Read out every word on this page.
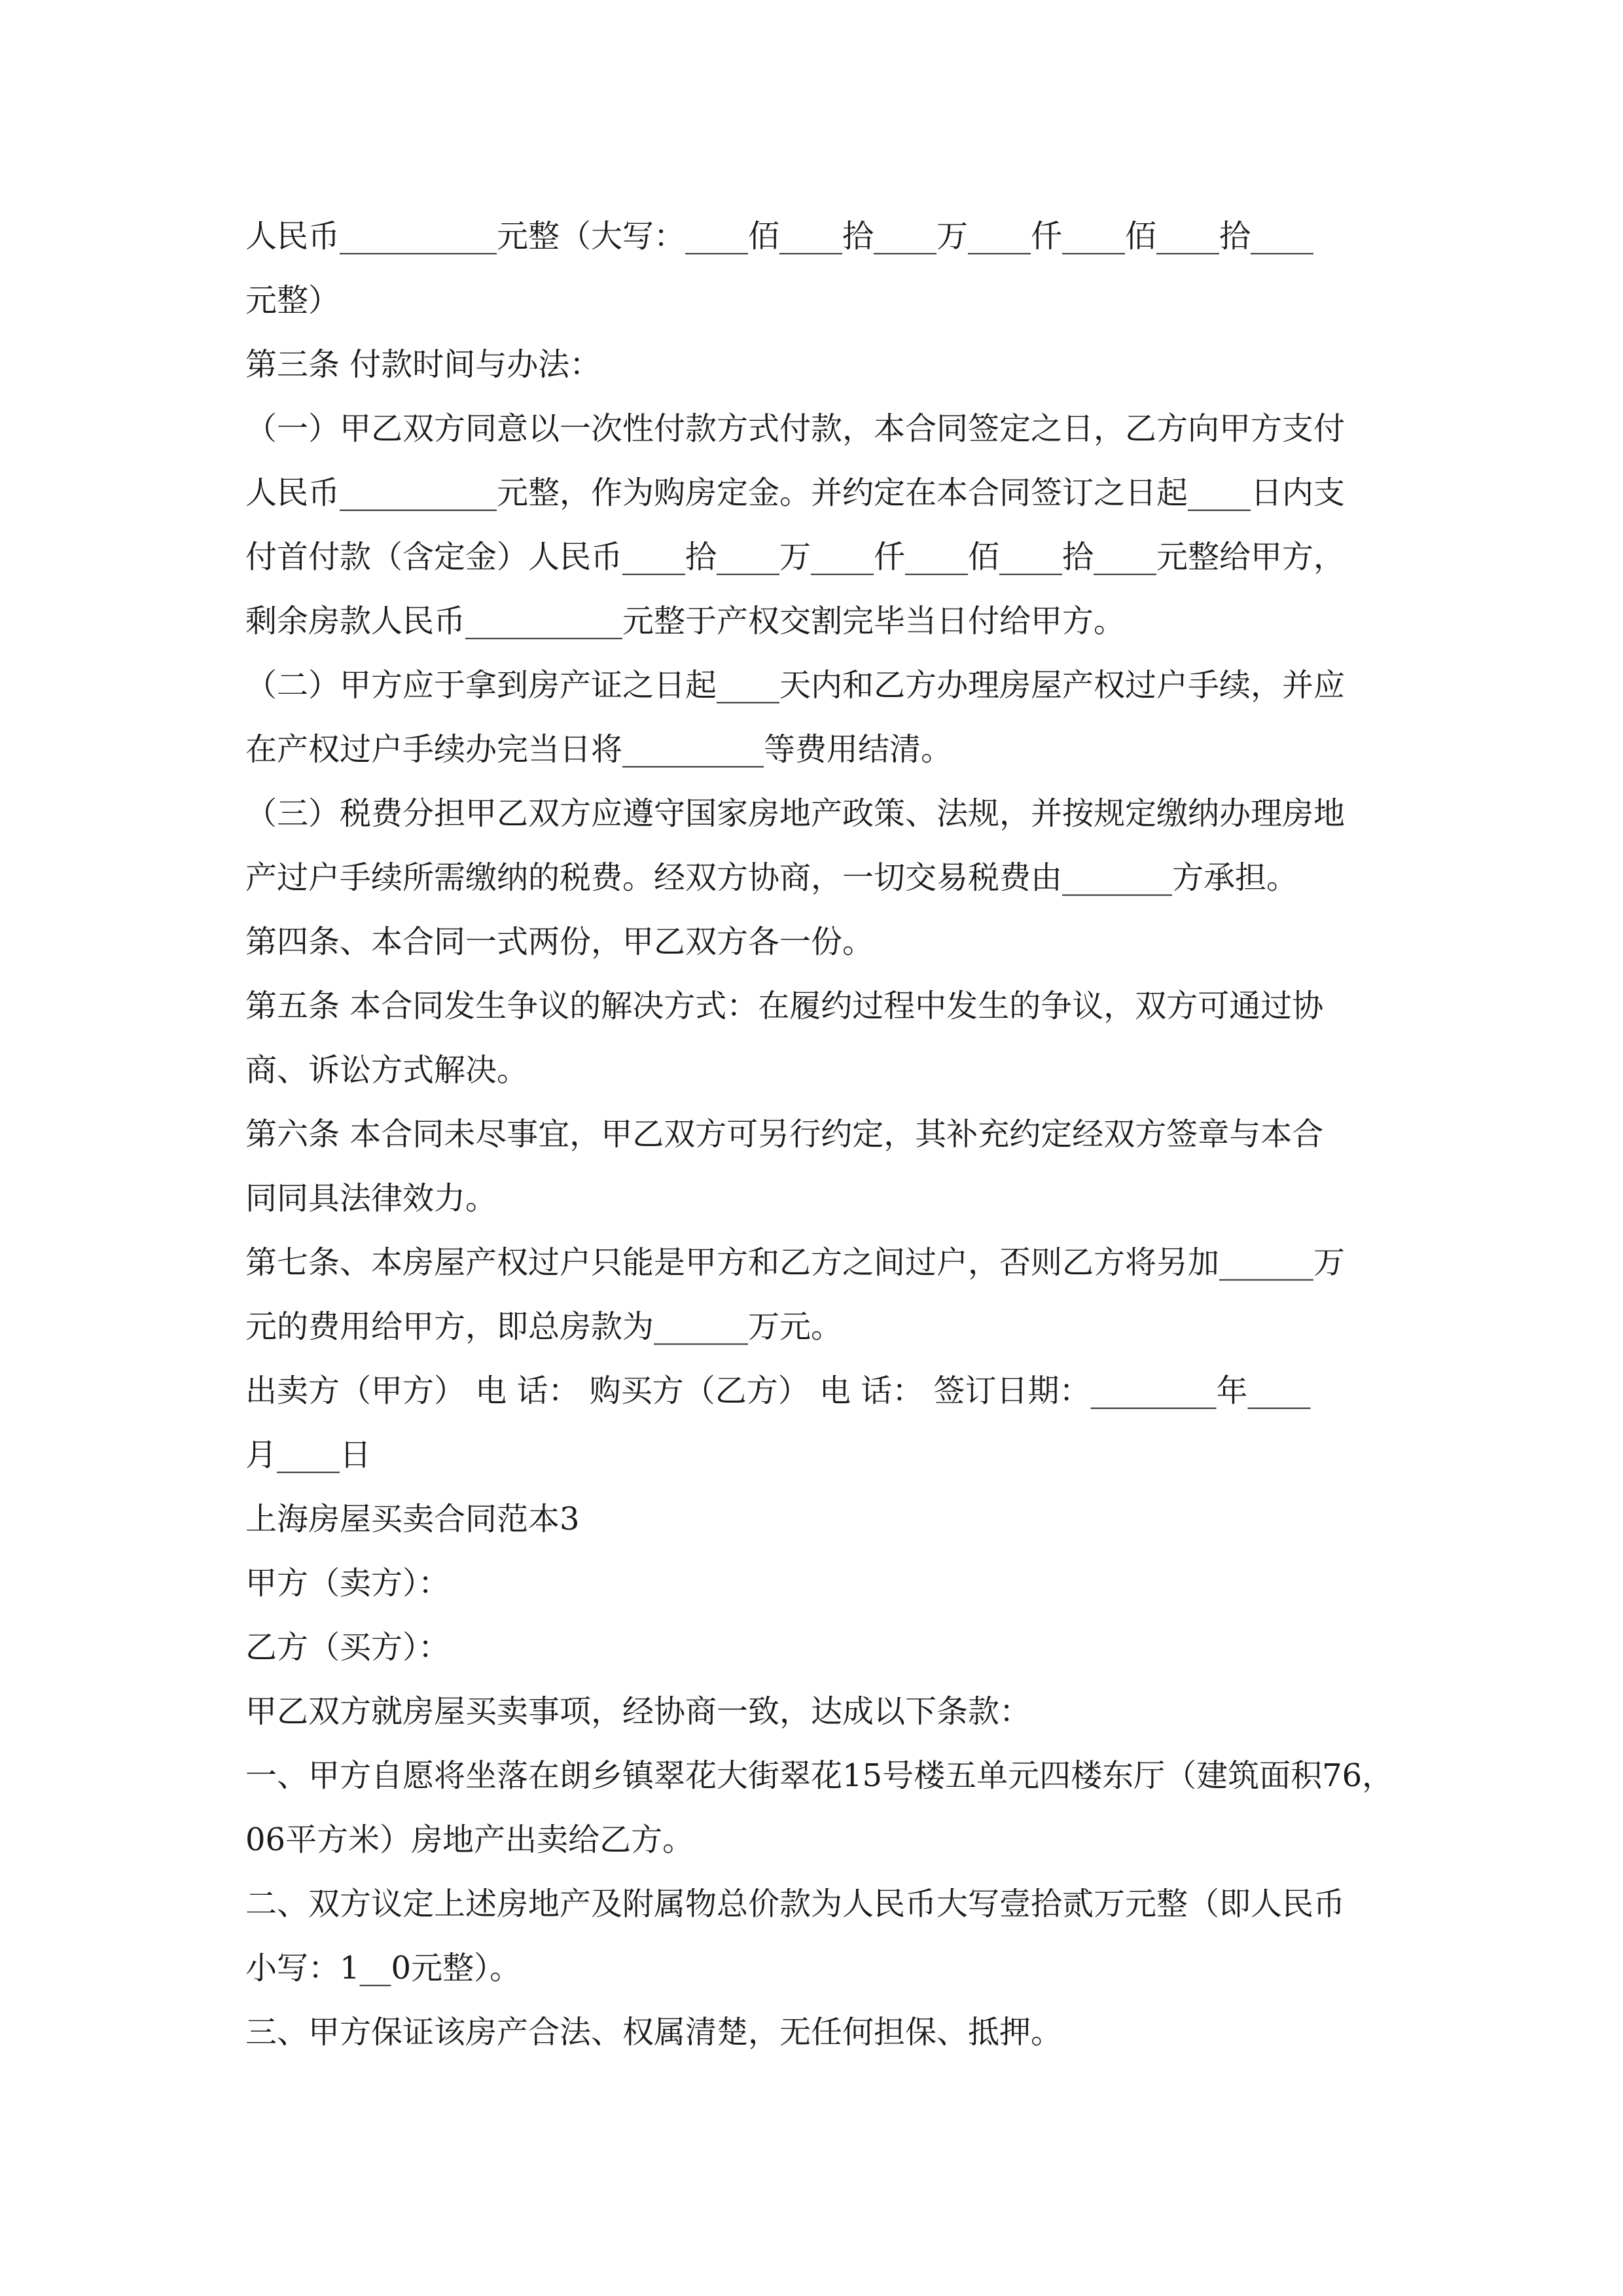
人民币__________元整（大写：____佰____拾____万____仟____佰____拾____
元整）
第三条 付款时间与办法：
（一）甲乙双方同意以一次性付款方式付款，本合同签定之日，乙方向甲方支付
人民币__________元整，作为购房定金。并约定在本合同签订之日起____日内支
付首付款（含定金）人民币____拾____万____仟____佰____拾____元整给甲方，
剩余房款人民币__________元整于产权交割完毕当日付给甲方。
（二）甲方应于拿到房产证之日起____天内和乙方办理房屋产权过户手续，并应
在产权过户手续办完当日将_________等费用结清。
（三）税费分担甲乙双方应遵守国家房地产政策、法规，并按规定缴纳办理房地
产过户手续所需缴纳的税费。经双方协商，一切交易税费由_______方承担。
第四条、本合同一式两份，甲乙双方各一份。
第五条 本合同发生争议的解决方式：在履约过程中发生的争议，双方可通过协
商、诉讼方式解决。
第六条 本合同未尽事宜，甲乙双方可另行约定，其补充约定经双方签章与本合
同同具法律效力。
第七条、本房屋产权过户只能是甲方和乙方之间过户，否则乙方将另加______万
元的费用给甲方，即总房款为______万元。
出卖方（甲方） 电 话： 购买方（乙方） 电 话： 签订日期：________年____
月____日
上海房屋买卖合同范本3
甲方（卖方）：
乙方（买方）：
甲乙双方就房屋买卖事项，经协商一致，达成以下条款：
一、甲方自愿将坐落在朗乡镇翠花大街翠花15号楼五单元四楼东厅（建筑面积76，
06平方米）房地产出卖给乙方。
二、双方议定上述房地产及附属物总价款为人民币大写壹拾贰万元整（即人民币
小写：1__0元整）。
三、甲方保证该房产合法、权属清楚，无任何担保、抵押。
